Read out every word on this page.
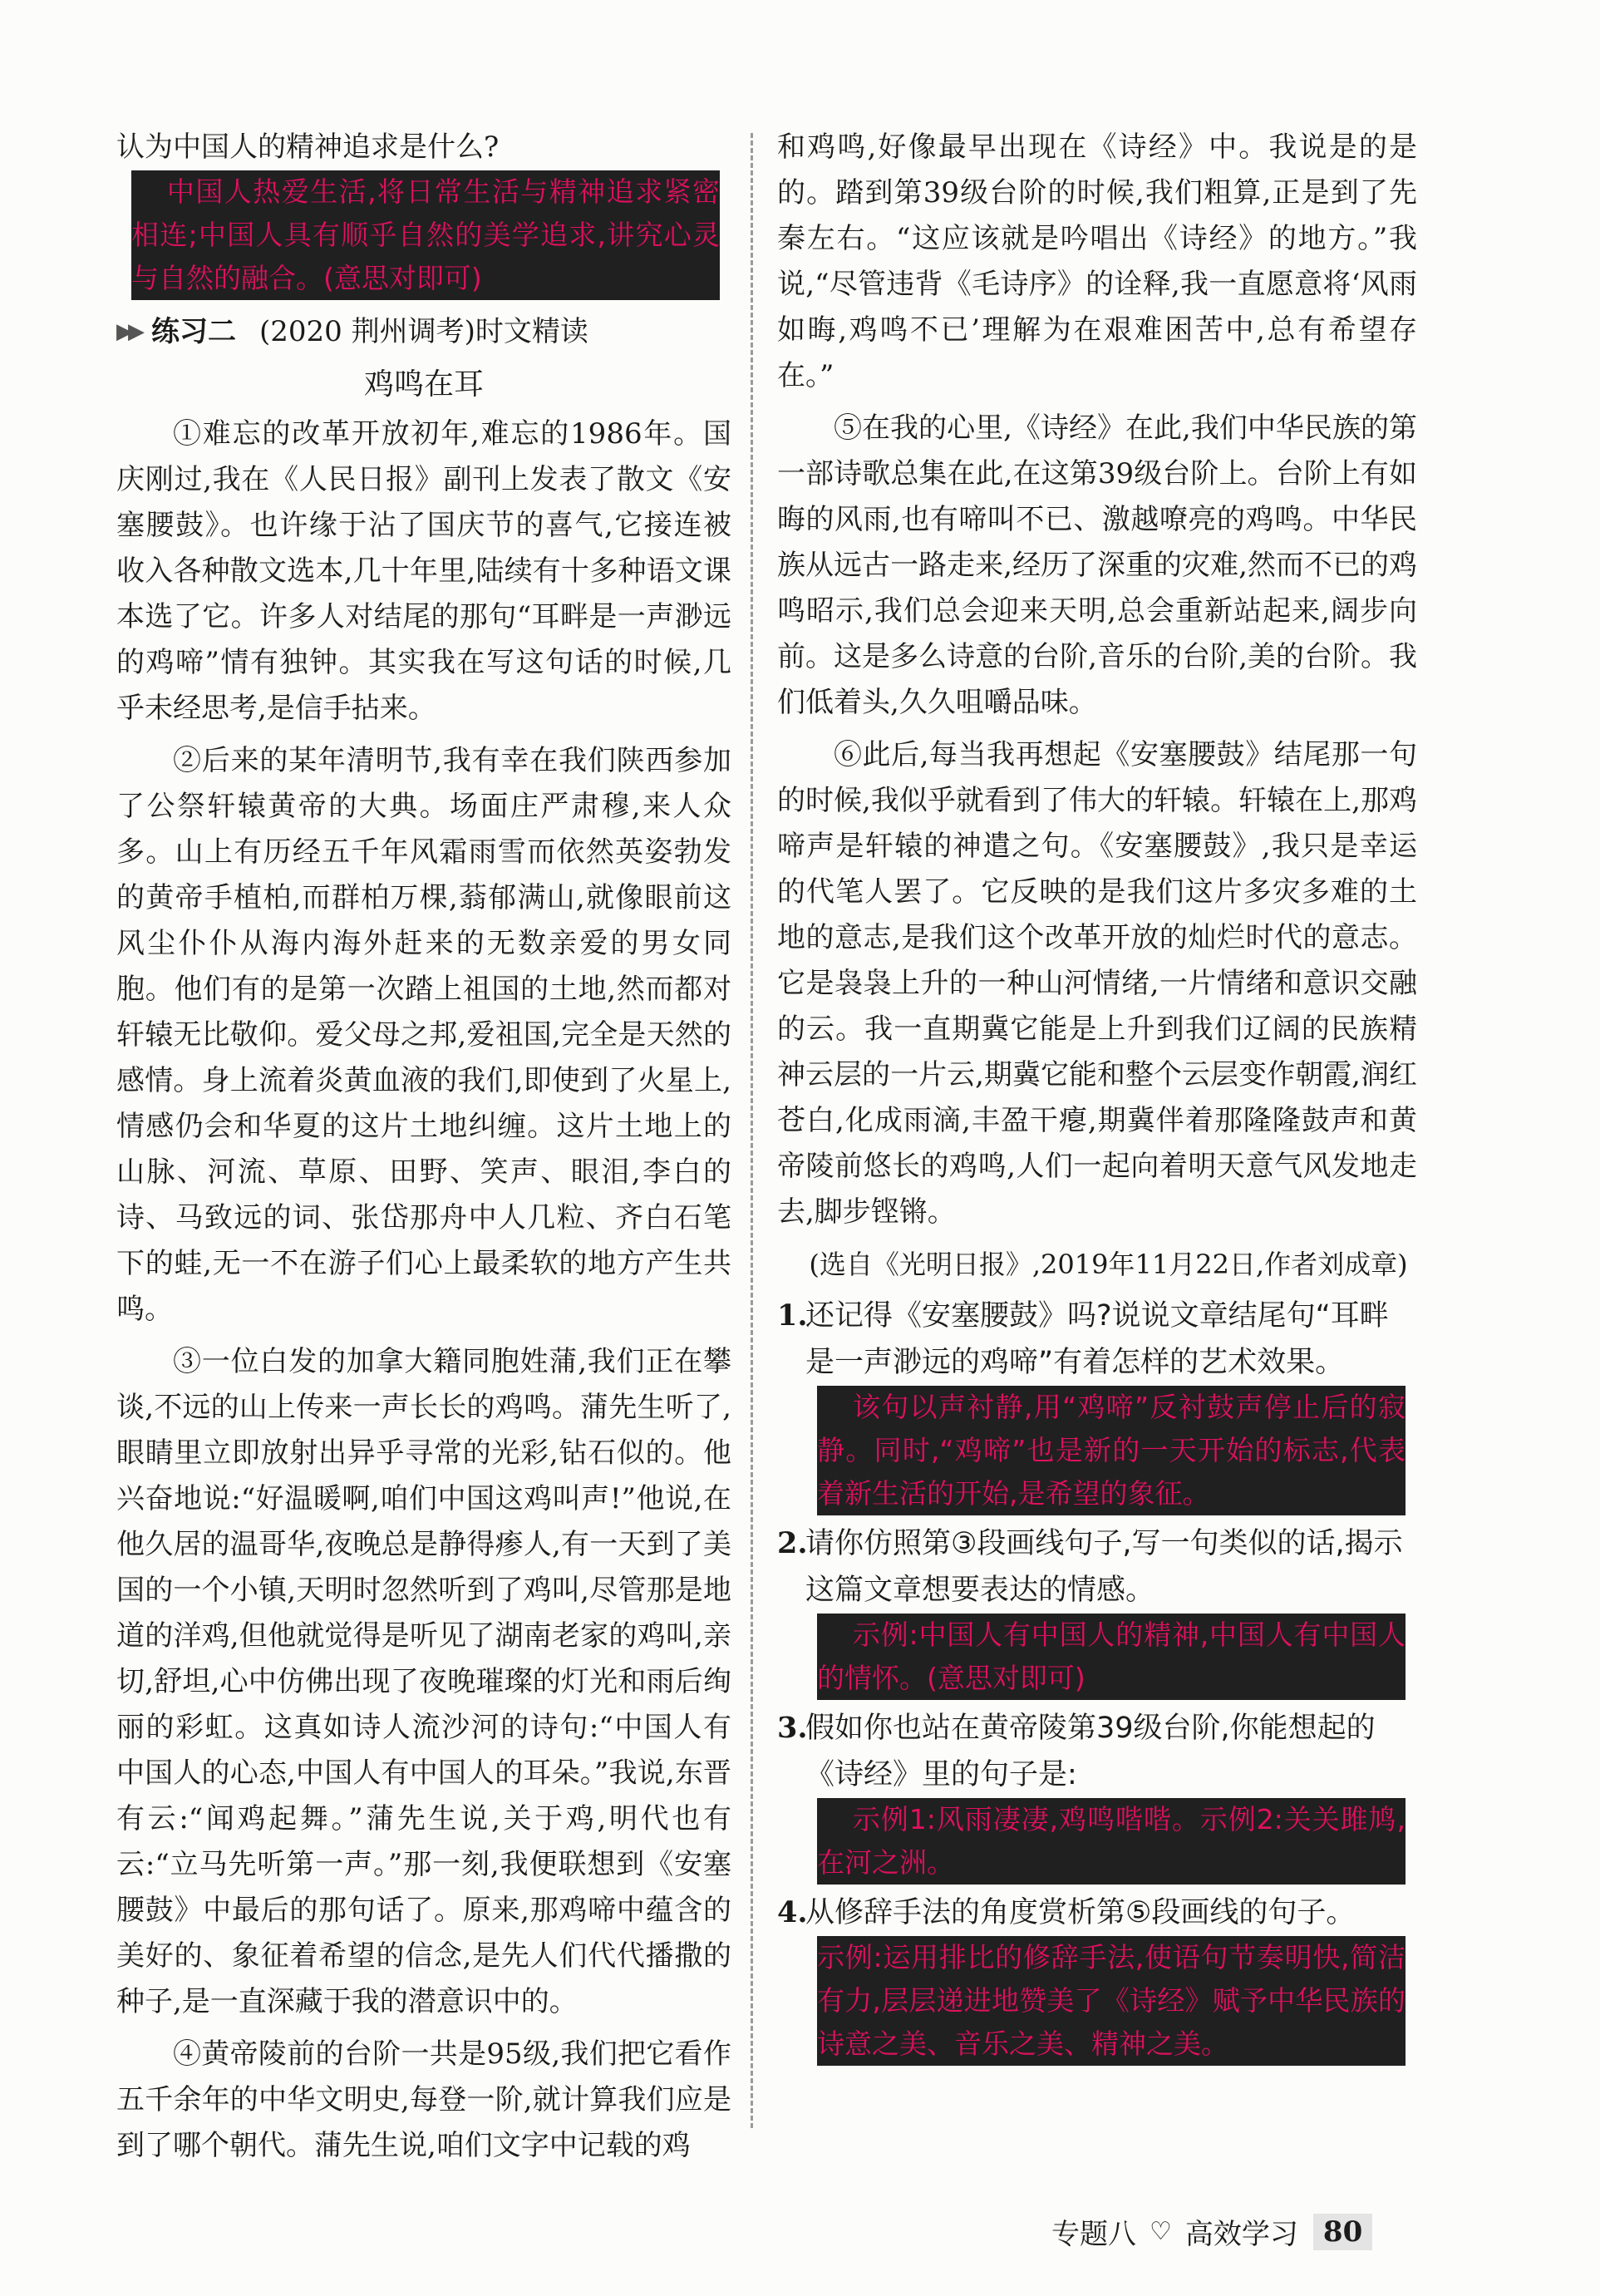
认为中国人的精神追求是什么?

中国人热爱生活,将日常生活与精神追求紧密相连;中国人具有顺乎自然的美学追求,讲究心灵与自然的融合。(意思对即可)

▶▶ 练习二 (2020 荆州调考)时文精读
鸡鸣在耳

①难忘的改革开放初年,难忘的1986年。国庆刚过,我在《人民日报》副刊上发表了散文《安塞腰鼓》。也许缘于沾了国庆节的喜气,它接连被收入各种散文选本,几十年里,陆续有十多种语文课本选了它。许多人对结尾的那句“耳畔是一声渺远的鸡啼”情有独钟。其实我在写这句话的时候,几乎未经思考,是信手拈来。

②后来的某年清明节,我有幸在我们陕西参加了公祭轩辕黄帝的大典。场面庄严肃穆,来人众多。山上有历经五千年风霜雨雪而依然英姿勃发的黄帝手植柏,而群柏万棵,蓊郁满山,就像眼前这风尘仆仆从海内海外赶来的无数亲爱的男女同胞。他们有的是第一次踏上祖国的土地,然而都对轩辕无比敬仰。爱父母之邦,爱祖国,完全是天然的感情。身上流着炎黄血液的我们,即使到了火星上,情感仍会和华夏的这片土地纠缠。这片土地上的山脉、河流、草原、田野、笑声、眼泪,李白的诗、马致远的词、张岱那舟中人几粒、齐白石笔下的蛙,无一不在游子们心上最柔软的地方产生共鸣。

③一位白发的加拿大籍同胞姓蒲,我们正在攀谈,不远的山上传来一声长长的鸡鸣。蒲先生听了,眼睛里立即放射出异乎寻常的光彩,钻石似的。他兴奋地说:“好温暖啊,咱们中国这鸡叫声!”他说,在他久居的温哥华,夜晚总是静得瘆人,有一天到了美国的一个小镇,天明时忽然听到了鸡叫,尽管那是地道的洋鸡,但他就觉得是听见了湖南老家的鸡叫,亲切,舒坦,心中仿佛出现了夜晚璀璨的灯光和雨后绚丽的彩虹。这真如诗人流沙河的诗句:“中国人有中国人的心态,中国人有中国人的耳朵。”我说,东晋有云:“闻鸡起舞。”蒲先生说,关于鸡,明代也有云:“立马先听第一声。”那一刻,我便联想到《安塞腰鼓》中最后的那句话了。原来,那鸡啼中蕴含的美好的、象征着希望的信念,是先人们代代播撒的种子,是一直深藏于我的潜意识中的。

④黄帝陵前的台阶一共是95级,我们把它看作五千余年的中华文明史,每登一阶,就计算我们应是到了哪个朝代。蒲先生说,咱们文字中记载的鸡

和鸡鸣,好像最早出现在《诗经》中。我说是的是的。踏到第39级台阶的时候,我们粗算,正是到了先秦左右。“这应该就是吟唱出《诗经》的地方。”我说,“尽管违背《毛诗序》的诠释,我一直愿意将‘风雨如晦,鸡鸣不已’理解为在艰难困苦中,总有希望存在。”

⑤在我的心里,《诗经》在此,我们中华民族的第一部诗歌总集在此,在这第39级台阶上。台阶上有如晦的风雨,也有啼叫不已、激越嘹亮的鸡鸣。中华民族从远古一路走来,经历了深重的灾难,然而不已的鸡鸣昭示,我们总会迎来天明,总会重新站起来,阔步向前。这是多么诗意的台阶,音乐的台阶,美的台阶。我们低着头,久久咀嚼品味。

⑥此后,每当我再想起《安塞腰鼓》结尾那一句的时候,我似乎就看到了伟大的轩辕。轩辕在上,那鸡啼声是轩辕的神遣之句。《安塞腰鼓》,我只是幸运的代笔人罢了。它反映的是我们这片多灾多难的土地的意志,是我们这个改革开放的灿烂时代的意志。它是袅袅上升的一种山河情绪,一片情绪和意识交融的云。我一直期冀它能是上升到我们辽阔的民族精神云层的一片云,期冀它能和整个云层变作朝霞,润红苍白,化成雨滴,丰盈干瘪,期冀伴着那隆隆鼓声和黄帝陵前悠长的鸡鸣,人们一起向着明天意气风发地走去,脚步铿锵。

(选自《光明日报》,2019年11月22日,作者刘成章)

1.
还记得《安塞腰鼓》吗?说说文章结尾句“耳畔是一声渺远的鸡啼”有着怎样的艺术效果。

该句以声衬静,用“鸡啼”反衬鼓声停止后的寂静。同时,“鸡啼”也是新的一天开始的标志,代表着新生活的开始,是希望的象征。

2.
请你仿照第③段画线句子,写一句类似的话,揭示这篇文章想要表达的情感。

示例:中国人有中国人的精神,中国人有中国人的情怀。(意思对即可)

3.
假如你也站在黄帝陵第39级台阶,你能想起的《诗经》里的句子是:

示例1:风雨凄凄,鸡鸣喈喈。示例2:关关雎鸠,在河之洲。

4.
从修辞手法的角度赏析第⑤段画线的句子。

示例:运用排比的修辞手法,使语句节奏明快,简洁有力,层层递进地赞美了《诗经》赋予中华民族的诗意之美、音乐之美、精神之美。

专题八 ♡ 高效学习 80
